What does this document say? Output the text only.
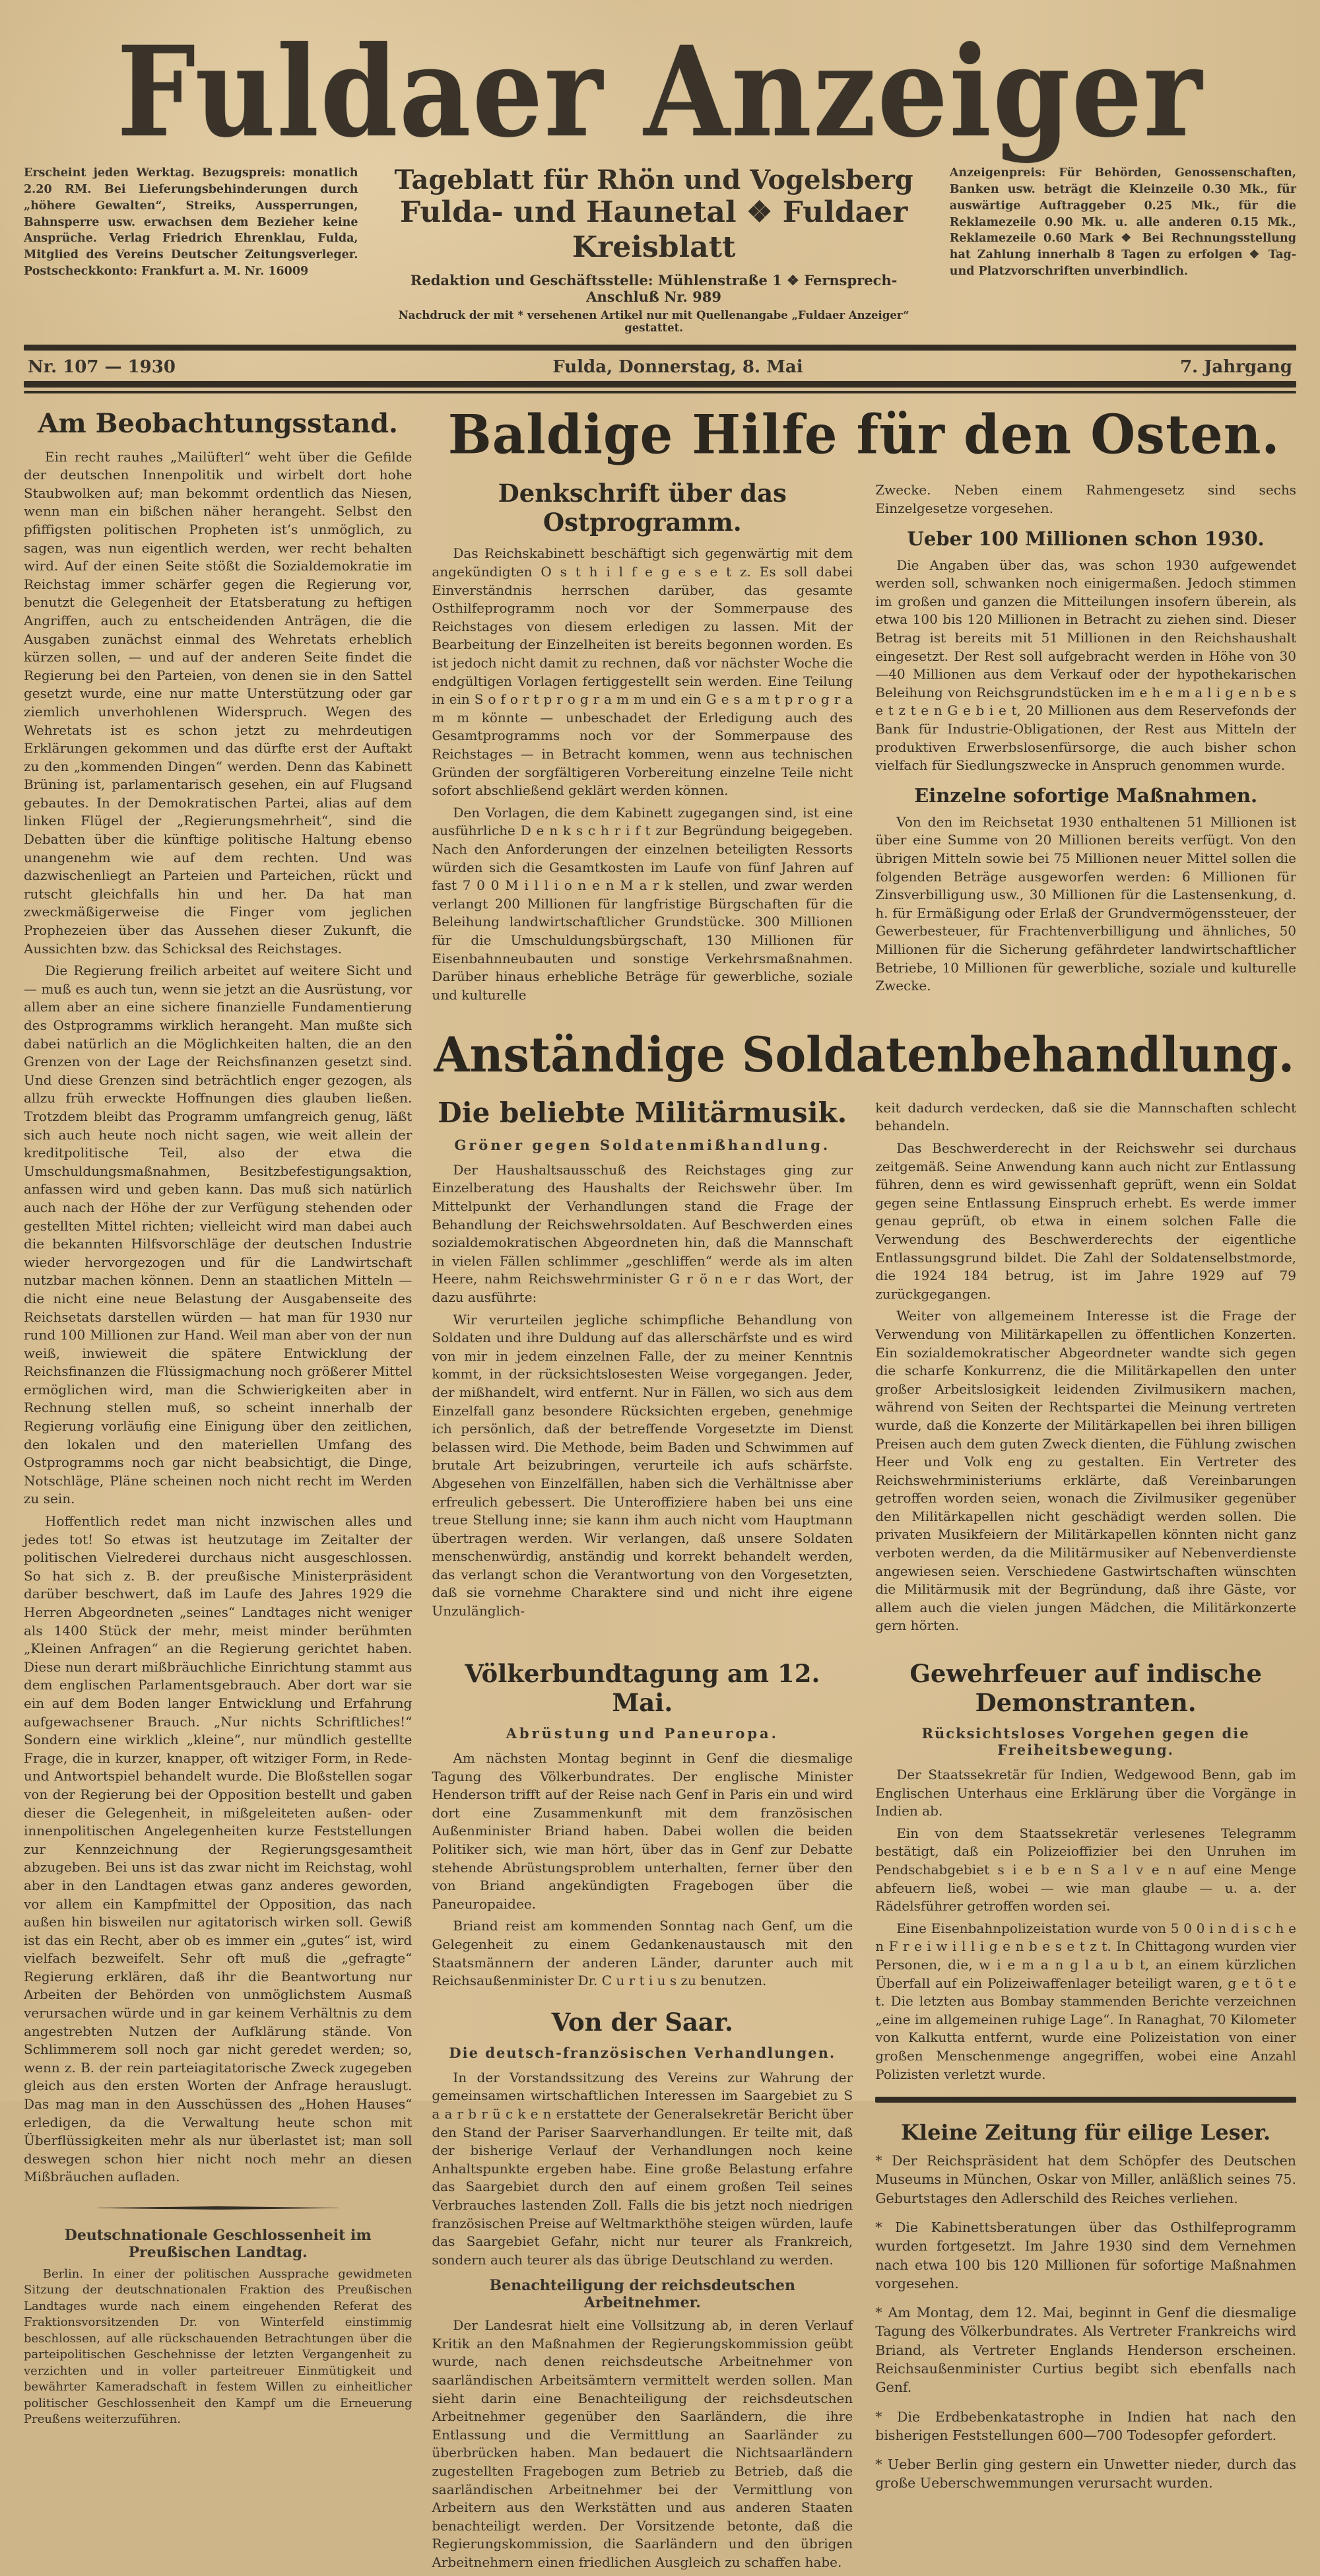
Fuldaer Anzeiger
Erscheint jeden Werktag. Bezugspreis: monatlich 2.20 RM. Bei Lieferungsbehinderungen durch „höhere Gewalten“, Streiks, Aussperrungen, Bahnsperre usw. erwachsen dem Bezieher keine Ansprüche. Verlag Friedrich Ehrenklau, Fulda, Mitglied des Vereins Deutscher Zeitungsverleger. Postscheckkonto: Frankfurt a. M. Nr. 16009
Tageblatt für Rhön und Vogelsberg
Fulda- und Haunetal ❖ Fuldaer Kreisblatt
Redaktion und Geschäftsstelle: Mühlenstraße 1 ❖ Fernsprech-Anschluß Nr. 989
Nachdruck der mit * versehenen Artikel nur mit Quellenangabe „Fuldaer Anzeiger“ gestattet.
Anzeigenpreis: Für Behörden, Genossenschaften, Banken usw. beträgt die Kleinzeile 0.30 Mk., für auswärtige Auftraggeber 0.25 Mk., für die Reklamezeile 0.90 Mk. u. alle anderen 0.15 Mk., Reklamezeile 0.60 Mark ❖ Bei Rechnungsstellung hat Zahlung innerhalb 8 Tagen zu erfolgen ❖ Tag- und Platzvorschriften unverbindlich.
Nr. 107 — 1930	Fulda, Donnerstag, 8. Mai	7. Jahrgang
Am Beobachtungsstand.

Ein recht rauhes „Mailüfterl“ weht über die Gefilde der deutschen Innenpolitik und wirbelt dort hohe Staubwolken auf; man bekommt ordentlich das Niesen, wenn man ein bißchen näher herangeht. Selbst den pfiffigsten politischen Propheten ist’s unmöglich, zu sagen, was nun eigentlich werden, wer recht behalten wird. Auf der einen Seite stößt die Sozialdemokratie im Reichstag immer schärfer gegen die Regierung vor, benutzt die Gelegenheit der Etatsberatung zu heftigen Angriffen, auch zu entscheidenden Anträgen, die die Ausgaben zunächst einmal des Wehretats erheblich kürzen sollen, — und auf der anderen Seite findet die Regierung bei den Parteien, von denen sie in den Sattel gesetzt wurde, eine nur matte Unterstützung oder gar ziemlich unverhohlenen Widerspruch. Wegen des Wehretats ist es schon jetzt zu mehrdeutigen Erklärungen gekommen und das dürfte erst der Auftakt zu den „kommenden Dingen“ werden. Denn das Kabinett Brüning ist, parlamentarisch gesehen, ein auf Flugsand gebautes. In der Demokratischen Partei, alias auf dem linken Flügel der „Regierungsmehrheit“, sind die Debatten über die künftige politische Haltung ebenso unangenehm wie auf dem rechten. Und was dazwischenliegt an Parteien und Parteichen, rückt und rutscht gleichfalls hin und her. Da hat man zweckmäßigerweise die Finger vom jeglichen Prophezeien über das Aussehen dieser Zukunft, die Aussichten bzw. das Schicksal des Reichstages.

Die Regierung freilich arbeitet auf weitere Sicht und — muß es auch tun, wenn sie jetzt an die Ausrüstung, vor allem aber an eine sichere finanzielle Fundamentierung des Ostprogramms wirklich herangeht. Man mußte sich dabei natürlich an die Möglichkeiten halten, die an den Grenzen von der Lage der Reichsfinanzen gesetzt sind. Und diese Grenzen sind beträchtlich enger gezogen, als allzu früh erweckte Hoffnungen dies glauben ließen. Trotzdem bleibt das Programm umfangreich genug, läßt sich auch heute noch nicht sagen, wie weit allein der kreditpolitische Teil, also der etwa die Umschuldungsmaßnahmen, Besitzbefestigungsaktion, anfassen wird und geben kann. Das muß sich natürlich auch nach der Höhe der zur Verfügung stehenden oder gestellten Mittel richten; vielleicht wird man dabei auch die bekannten Hilfsvorschläge der deutschen Industrie wieder hervorgezogen und für die Landwirtschaft nutzbar machen können. Denn an staatlichen Mitteln — die nicht eine neue Belastung der Ausgabenseite des Reichsetats darstellen würden — hat man für 1930 nur rund 100 Millionen zur Hand. Weil man aber von der nun weiß, inwieweit die spätere Entwicklung der Reichsfinanzen die Flüssigmachung noch größerer Mittel ermöglichen wird, man die Schwierigkeiten aber in Rechnung stellen muß, so scheint innerhalb der Regierung vorläufig eine Einigung über den zeitlichen, den lokalen und den materiellen Umfang des Ostprogramms noch gar nicht beabsichtigt, die Dinge, Notschläge, Pläne scheinen noch nicht recht im Werden zu sein.

Hoffentlich redet man nicht inzwischen alles und jedes tot! So etwas ist heutzutage im Zeitalter der politischen Vielrederei durchaus nicht ausgeschlossen. So hat sich z. B. der preußische Ministerpräsident darüber beschwert, daß im Laufe des Jahres 1929 die Herren Abgeordneten „seines“ Landtages nicht weniger als 1400 Stück der mehr, meist minder berühmten „Kleinen Anfragen“ an die Regierung gerichtet haben. Diese nun derart mißbräuchliche Einrichtung stammt aus dem englischen Parlamentsgebrauch. Aber dort war sie ein auf dem Boden langer Entwicklung und Erfahrung aufgewachsener Brauch. „Nur nichts Schriftliches!“ Sondern eine wirklich „kleine“, nur mündlich gestellte Frage, die in kurzer, knapper, oft witziger Form, in Rede- und Antwortspiel behandelt wurde. Die Bloßstellen sogar von der Regierung bei der Opposition bestellt und gaben dieser die Gelegenheit, in mißgeleiteten außen- oder innenpolitischen Angelegenheiten kurze Feststellungen zur Kennzeichnung der Regierungsgesamtheit abzugeben. Bei uns ist das zwar nicht im Reichstag, wohl aber in den Landtagen etwas ganz anderes geworden, vor allem ein Kampfmittel der Opposition, das nach außen hin bisweilen nur agitatorisch wirken soll. Gewiß ist das ein Recht, aber ob es immer ein „gutes“ ist, wird vielfach bezweifelt. Sehr oft muß die „gefragte“ Regierung erklären, daß ihr die Beantwortung nur Arbeiten der Behörden von unmöglichstem Ausmaß verursachen würde und in gar keinem Verhältnis zu dem angestrebten Nutzen der Aufklärung stände. Von Schlimmerem soll noch gar nicht geredet werden; so, wenn z. B. der rein parteiagitatorische Zweck zugegeben gleich aus den ersten Worten der Anfrage herauslugt. Das mag man in den Ausschüssen des „Hohen Hauses“ erledigen, da die Verwaltung heute schon mit Überflüssigkeiten mehr als nur überlastet ist; man soll deswegen schon hier nicht noch mehr an diesen Mißbräuchen aufladen.

Deutschnationale Geschlossenheit im Preußischen Landtag.

Berlin. In einer der politischen Aussprache gewidmeten Sitzung der deutschnationalen Fraktion des Preußischen Landtages wurde nach einem eingehenden Referat des Fraktionsvorsitzenden Dr. von Winterfeld einstimmig beschlossen, auf alle rückschauenden Betrachtungen über die parteipolitischen Geschehnisse der letzten Vergangenheit zu verzichten und in voller parteitreuer Einmütigkeit und bewährter Kameradschaft in festem Willen zu einheitlicher politischer Geschlossenheit den Kampf um die Erneuerung Preußens weiterzuführen.

Baldige Hilfe für den Osten.
Denkschrift über das Ostprogramm.

Das Reichskabinett beschäftigt sich gegenwärtig mit dem angekündigten O s t h i l f e g e s e t z. Es soll dabei Einverständnis herrschen darüber, das gesamte Osthilfeprogramm noch vor der Sommerpause des Reichstages von diesem erledigen zu lassen. Mit der Bearbeitung der Einzelheiten ist bereits begonnen worden. Es ist jedoch nicht damit zu rechnen, daß vor nächster Woche die endgültigen Vorlagen fertiggestellt sein werden. Eine Teilung in ein S o f o r t p r o g r a m m und ein G e s a m t p r o g r a m m könnte — unbeschadet der Erledigung auch des Gesamtprogramms noch vor der Sommerpause des Reichstages — in Betracht kommen, wenn aus technischen Gründen der sorgfältigeren Vorbereitung einzelne Teile nicht sofort abschließend geklärt werden können.

Den Vorlagen, die dem Kabinett zugegangen sind, ist eine ausführliche D e n k s c h r i f t zur Begründung beigegeben. Nach den Anforderungen der einzelnen beteiligten Ressorts würden sich die Gesamtkosten im Laufe von fünf Jahren auf fast 7 0 0 M i l l i o n e n M a r k stellen, und zwar werden verlangt 200 Millionen für langfristige Bürgschaften für die Beleihung landwirtschaftlicher Grundstücke. 300 Millionen für die Umschuldungsbürgschaft, 130 Millionen für Eisenbahnneubauten und sonstige Verkehrsmaßnahmen. Darüber hinaus erhebliche Beträge für gewerbliche, soziale und kulturelle

Zwecke. Neben einem Rahmengesetz sind sechs Einzelgesetze vorgesehen.

Ueber 100 Millionen schon 1930.

Die Angaben über das, was schon 1930 aufgewendet werden soll, schwanken noch einigermaßen. Jedoch stimmen im großen und ganzen die Mitteilungen insofern überein, als etwa 100 bis 120 Millionen in Betracht zu ziehen sind. Dieser Betrag ist bereits mit 51 Millionen in den Reichshaushalt eingesetzt. Der Rest soll aufgebracht werden in Höhe von 30—40 Millionen aus dem Verkauf oder der hypothekarischen Beleihung von Reichsgrundstücken im e h e m a l i g e n b e s e t z t e n G e b i e t, 20 Millionen aus dem Reservefonds der Bank für Industrie-Obligationen, der Rest aus Mitteln der produktiven Erwerbslosenfürsorge, die auch bisher schon vielfach für Siedlungszwecke in Anspruch genommen wurde.

Einzelne sofortige Maßnahmen.

Von den im Reichsetat 1930 enthaltenen 51 Millionen ist über eine Summe von 20 Millionen bereits verfügt. Von den übrigen Mitteln sowie bei 75 Millionen neuer Mittel sollen die folgenden Beträge ausgeworfen werden: 6 Millionen für Zinsverbilligung usw., 30 Millionen für die Lastensenkung, d. h. für Ermäßigung oder Erlaß der Grundvermögenssteuer, der Gewerbesteuer, für Frachtenverbilligung und ähnliches, 50 Millionen für die Sicherung gefährdeter landwirtschaftlicher Betriebe, 10 Millionen für gewerbliche, soziale und kulturelle Zwecke.

Anständige Soldatenbehandlung.
Die beliebte Militärmusik.
Gröner gegen Soldatenmißhandlung.

Der Haushaltsausschuß des Reichstages ging zur Einzelberatung des Haushalts der Reichswehr über. Im Mittelpunkt der Verhandlungen stand die Frage der Behandlung der Reichswehrsoldaten. Auf Beschwerden eines sozialdemokratischen Abgeordneten hin, daß die Mannschaft in vielen Fällen schlimmer „geschliffen“ werde als im alten Heere, nahm Reichswehrminister G r ö n e r das Wort, der dazu ausführte:

Wir verurteilen jegliche schimpfliche Behandlung von Soldaten und ihre Duldung auf das allerschärfste und es wird von mir in jedem einzelnen Falle, der zu meiner Kenntnis kommt, in der rücksichtslosesten Weise vorgegangen. Jeder, der mißhandelt, wird entfernt. Nur in Fällen, wo sich aus dem Einzelfall ganz besondere Rücksichten ergeben, genehmige ich persönlich, daß der betreffende Vorgesetzte im Dienst belassen wird. Die Methode, beim Baden und Schwimmen auf brutale Art beizubringen, verurteile ich aufs schärfste. Abgesehen von Einzelfällen, haben sich die Verhältnisse aber erfreulich gebessert. Die Unteroffiziere haben bei uns eine treue Stellung inne; sie kann ihm auch nicht vom Hauptmann übertragen werden. Wir verlangen, daß unsere Soldaten menschenwürdig, anständig und korrekt behandelt werden, das verlangt schon die Verantwortung von den Vorgesetzten, daß sie vornehme Charaktere sind und nicht ihre eigene Unzulänglich-

keit dadurch verdecken, daß sie die Mannschaften schlecht behandeln.

Das Beschwerderecht in der Reichswehr sei durchaus zeitgemäß. Seine Anwendung kann auch nicht zur Entlassung führen, denn es wird gewissenhaft geprüft, wenn ein Soldat gegen seine Entlassung Einspruch erhebt. Es werde immer genau geprüft, ob etwa in einem solchen Falle die Verwendung des Beschwerderechts der eigentliche Entlassungsgrund bildet. Die Zahl der Soldatenselbstmorde, die 1924 184 betrug, ist im Jahre 1929 auf 79 zurückgegangen.

Weiter von allgemeinem Interesse ist die Frage der Verwendung von Militärkapellen zu öffentlichen Konzerten. Ein sozialdemokratischer Abgeordneter wandte sich gegen die scharfe Konkurrenz, die die Militärkapellen den unter großer Arbeitslosigkeit leidenden Zivilmusikern machen, während von Seiten der Rechtspartei die Meinung vertreten wurde, daß die Konzerte der Militärkapellen bei ihren billigen Preisen auch dem guten Zweck dienten, die Fühlung zwischen Heer und Volk eng zu gestalten. Ein Vertreter des Reichswehrministeriums erklärte, daß Vereinbarungen getroffen worden seien, wonach die Zivilmusiker gegenüber den Militärkapellen nicht geschädigt werden sollen. Die privaten Musikfeiern der Militärkapellen könnten nicht ganz verboten werden, da die Militärmusiker auf Nebenverdienste angewiesen seien. Verschiedene Gastwirtschaften wünschten die Militärmusik mit der Begründung, daß ihre Gäste, vor allem auch die vielen jungen Mädchen, die Militärkonzerte gern hörten.

Völkerbundtagung am 12. Mai.
Abrüstung und Paneuropa.

Am nächsten Montag beginnt in Genf die diesmalige Tagung des Völkerbundrates. Der englische Minister Henderson trifft auf der Reise nach Genf in Paris ein und wird dort eine Zusammenkunft mit dem französischen Außenminister Briand haben. Dabei wollen die beiden Politiker sich, wie man hört, über das in Genf zur Debatte stehende Abrüstungsproblem unterhalten, ferner über den von Briand angekündigten Fragebogen über die Paneuropaidee.

Briand reist am kommenden Sonntag nach Genf, um die Gelegenheit zu einem Gedankenaustausch mit den Staatsmännern der anderen Länder, darunter auch mit Reichsaußenminister Dr. C u r t i u s zu benutzen.

Von der Saar.
Die deutsch-französischen Verhandlungen.

In der Vorstandssitzung des Vereins zur Wahrung der gemeinsamen wirtschaftlichen Interessen im Saargebiet zu S a a r b r ü c k e n erstattete der Generalsekretär Bericht über den Stand der Pariser Saarverhandlungen. Er teilte mit, daß der bisherige Verlauf der Verhandlungen noch keine Anhaltspunkte ergeben habe. Eine große Belastung erfahre das Saargebiet durch den auf einem großen Teil seines Verbrauches lastenden Zoll. Falls die bis jetzt noch niedrigen französischen Preise auf Weltmarkthöhe steigen würden, laufe das Saargebiet Gefahr, nicht nur teurer als Frankreich, sondern auch teurer als das übrige Deutschland zu werden.

Benachteiligung der reichsdeutschen Arbeitnehmer.

Der Landesrat hielt eine Vollsitzung ab, in deren Verlauf Kritik an den Maßnahmen der Regierungskommission geübt wurde, nach denen reichsdeutsche Arbeitnehmer von saarländischen Arbeitsämtern vermittelt werden sollen. Man sieht darin eine Benachteiligung der reichsdeutschen Arbeitnehmer gegenüber den Saarländern, die ihre Entlassung und die Vermittlung an Saarländer zu überbrücken haben. Man bedauert die Nichtsaarländern zugestellten Fragebogen zum Betrieb zu Betrieb, daß die saarländischen Arbeitnehmer bei der Vermittlung von Arbeitern aus den Werkstätten und aus anderen Staaten benachteiligt werden. Der Vorsitzende betonte, daß die Regierungskommission, die Saarländern und den übrigen Arbeitnehmern einen friedlichen Ausgleich zu schaffen habe.

Gewehrfeuer auf indische Demonstranten.
Rücksichtsloses Vorgehen gegen die Freiheitsbewegung.

Der Staatssekretär für Indien, Wedgewood Benn, gab im Englischen Unterhaus eine Erklärung über die Vorgänge in Indien ab.

Ein von dem Staatssekretär verlesenes Telegramm bestätigt, daß ein Polizeioffizier bei den Unruhen im Pendschabgebiet s i e b e n S a l v e n auf eine Menge abfeuern ließ, wobei — wie man glaube — u. a. der Rädelsführer getroffen worden sei.

Eine Eisenbahnpolizeistation wurde von 5 0 0 i n d i s c h e n F r e i w i l l i g e n b e s e t z t. In Chittagong wurden vier Personen, die, w i e m a n g l a u b t, an einem kürzlichen Überfall auf ein Polizeiwaffenlager beteiligt waren, g e t ö t e t. Die letzten aus Bombay stammenden Berichte verzeichnen „eine im allgemeinen ruhige Lage“. In Ranaghat, 70 Kilometer von Kalkutta entfernt, wurde eine Polizeistation von einer großen Menschenmenge angegriffen, wobei eine Anzahl Polizisten verletzt wurde.

Kleine Zeitung für eilige Leser.

* Der Reichspräsident hat dem Schöpfer des Deutschen Museums in München, Oskar von Miller, anläßlich seines 75. Geburtstages den Adlerschild des Reiches verliehen.

* Die Kabinettsberatungen über das Osthilfeprogramm wurden fortgesetzt. Im Jahre 1930 sind dem Vernehmen nach etwa 100 bis 120 Millionen für sofortige Maßnahmen vorgesehen.

* Am Montag, dem 12. Mai, beginnt in Genf die diesmalige Tagung des Völkerbundrates. Als Vertreter Frankreichs wird Briand, als Vertreter Englands Henderson erscheinen. Reichsaußenminister Curtius begibt sich ebenfalls nach Genf.

* Die Erdbebenkatastrophe in Indien hat nach den bisherigen Feststellungen 600—700 Todesopfer gefordert.

* Ueber Berlin ging gestern ein Unwetter nieder, durch das große Ueberschwemmungen verursacht wurden.
